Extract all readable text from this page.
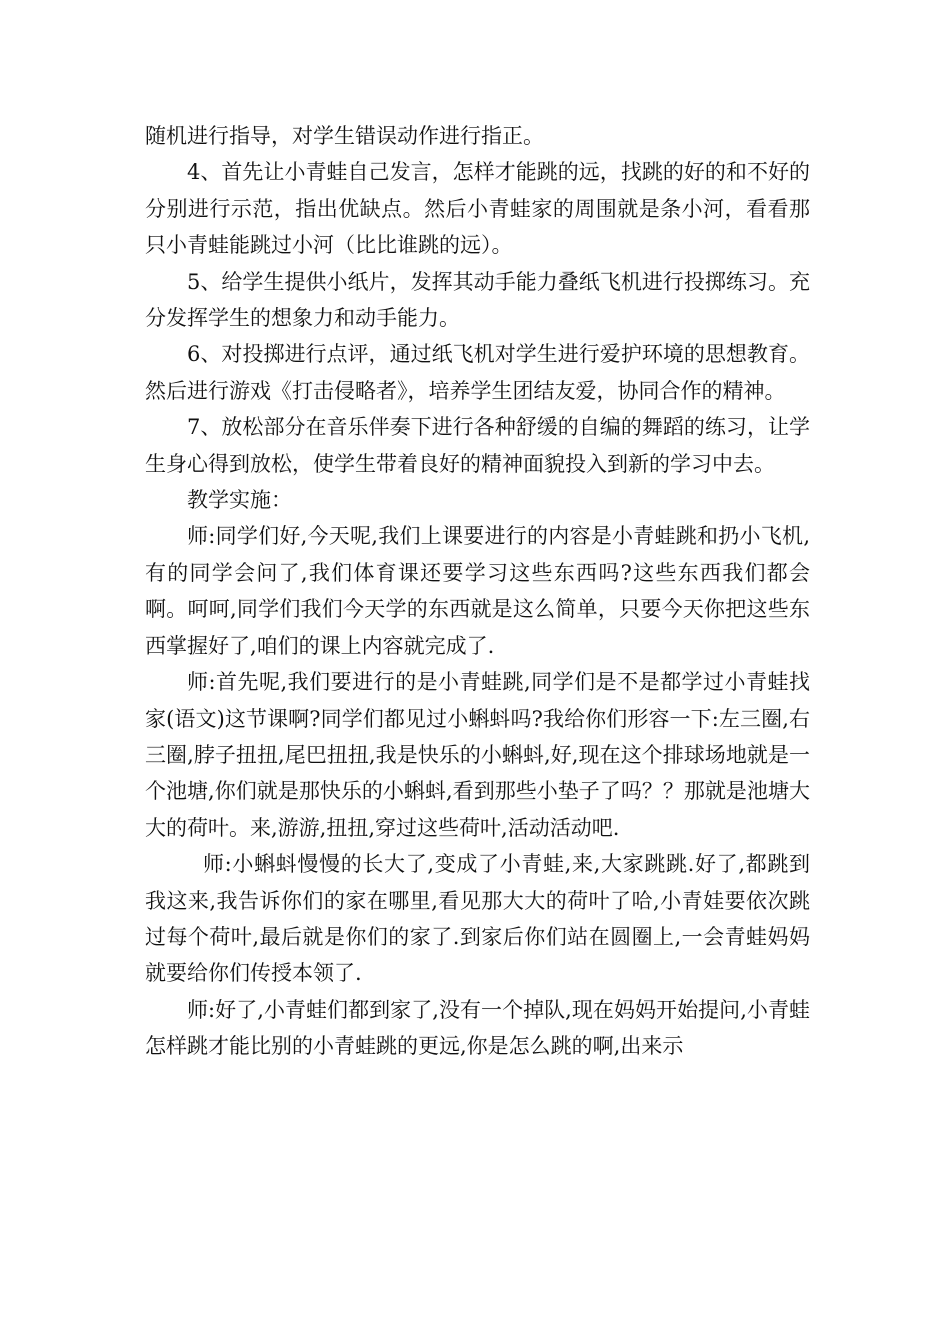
随机进行指导，对学生错误动作进行指正。

4、首先让小青蛙自己发言，怎样才能跳的远，找跳的好的和不好的分别进行示范，指出优缺点。然后小青蛙家的周围就是条小河，看看那只小青蛙能跳过小河（比比谁跳的远）。

5、给学生提供小纸片，发挥其动手能力叠纸飞机进行投掷练习。充分发挥学生的想象力和动手能力。

6、对投掷进行点评，通过纸飞机对学生进行爱护环境的思想教育。然后进行游戏《打击侵略者》，培养学生团结友爱，协同合作的精神。

7、放松部分在音乐伴奏下进行各种舒缓的自编的舞蹈的练习，让学生身心得到放松，使学生带着良好的精神面貌投入到新的学习中去。

教学实施：

师:同学们好,今天呢,我们上课要进行的内容是小青蛙跳和扔小飞机,有的同学会问了,我们体育课还要学习这些东西吗?这些东西我们都会啊。呵呵,同学们我们今天学的东西就是这么简单，只要今天你把这些东西掌握好了,咱们的课上内容就完成了.

师:首先呢,我们要进行的是小青蛙跳,同学们是不是都学过小青蛙找家(语文)这节课啊?同学们都见过小蝌蚪吗?我给你们形容一下:左三圈,右三圈,脖子扭扭,尾巴扭扭,我是快乐的小蝌蚪,好,现在这个排球场地就是一个池塘,你们就是那快乐的小蝌蚪,看到那些小垫子了吗？？那就是池塘大大的荷叶。来,游游,扭扭,穿过这些荷叶,活动活动吧.

师:小蝌蚪慢慢的长大了,变成了小青蛙,来,大家跳跳.好了,都跳到我这来,我告诉你们的家在哪里,看见那大大的荷叶了哈,小青娃要依次跳过每个荷叶,最后就是你们的家了.到家后你们站在圆圈上,一会青蛙妈妈就要给你们传授本领了.

师:好了,小青蛙们都到家了,没有一个掉队,现在妈妈开始提问,小青蛙怎样跳才能比别的小青蛙跳的更远,你是怎么跳的啊,出来示
